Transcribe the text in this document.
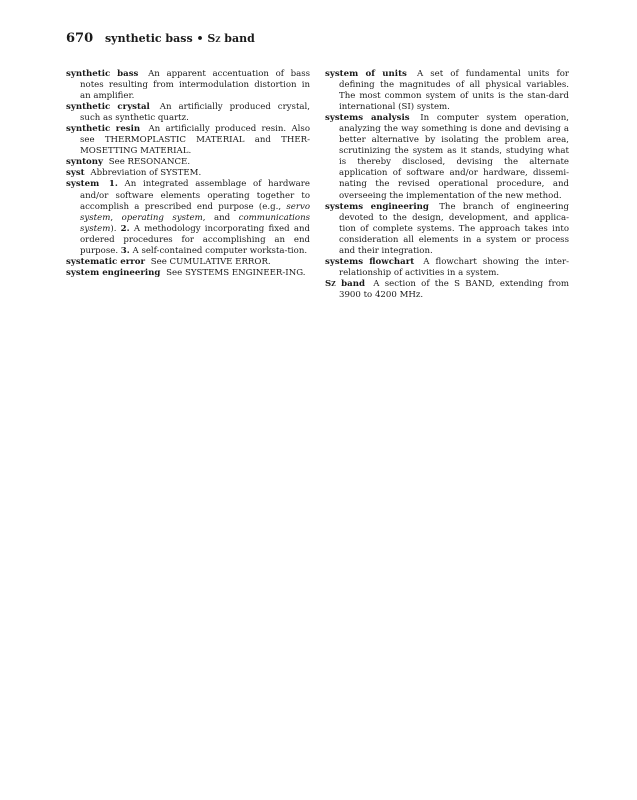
670 synthetic bass • SZ band

synthetic bass An apparent accentuation of bass notes resulting from intermodulation distortion in an amplifier.

synthetic crystal An artificially produced crystal, such as synthetic quartz.

synthetic resin An artificially produced resin. Also see THERMOPLASTIC MATERIAL and THER-MOSETTING MATERIAL.

syntony See RESONANCE.

syst Abbreviation of SYSTEM.

system 1. An integrated assemblage of hardware and/or software elements operating together to accomplish a prescribed end purpose (e.g., servo system, operating system, and communications system). 2. A methodology incorporating fixed and ordered procedures for accomplishing an end purpose. 3. A self-contained computer worksta-tion.

systematic error See CUMULATIVE ERROR.

system engineering See SYSTEMS ENGINEER-ING.

system of units A set of fundamental units for defining the magnitudes of all physical variables. The most common system of units is the stan-dard international (SI) system.

systems analysis In computer system operation, analyzing the way something is done and devising a better alternative by isolating the problem area, scrutinizing the system as it stands, studying what is thereby disclosed, devising the alternate application of software and/or hardware, dissemi-nating the revised operational procedure, and overseeing the implementation of the new method.

systems engineering The branch of engineering devoted to the design, development, and applica-tion of complete systems. The approach takes into consideration all elements in a system or process and their integration.

systems flowchart A flowchart showing the inter-relationship of activities in a system.

SZ band A section of the S BAND, extending from 3900 to 4200 MHz.
